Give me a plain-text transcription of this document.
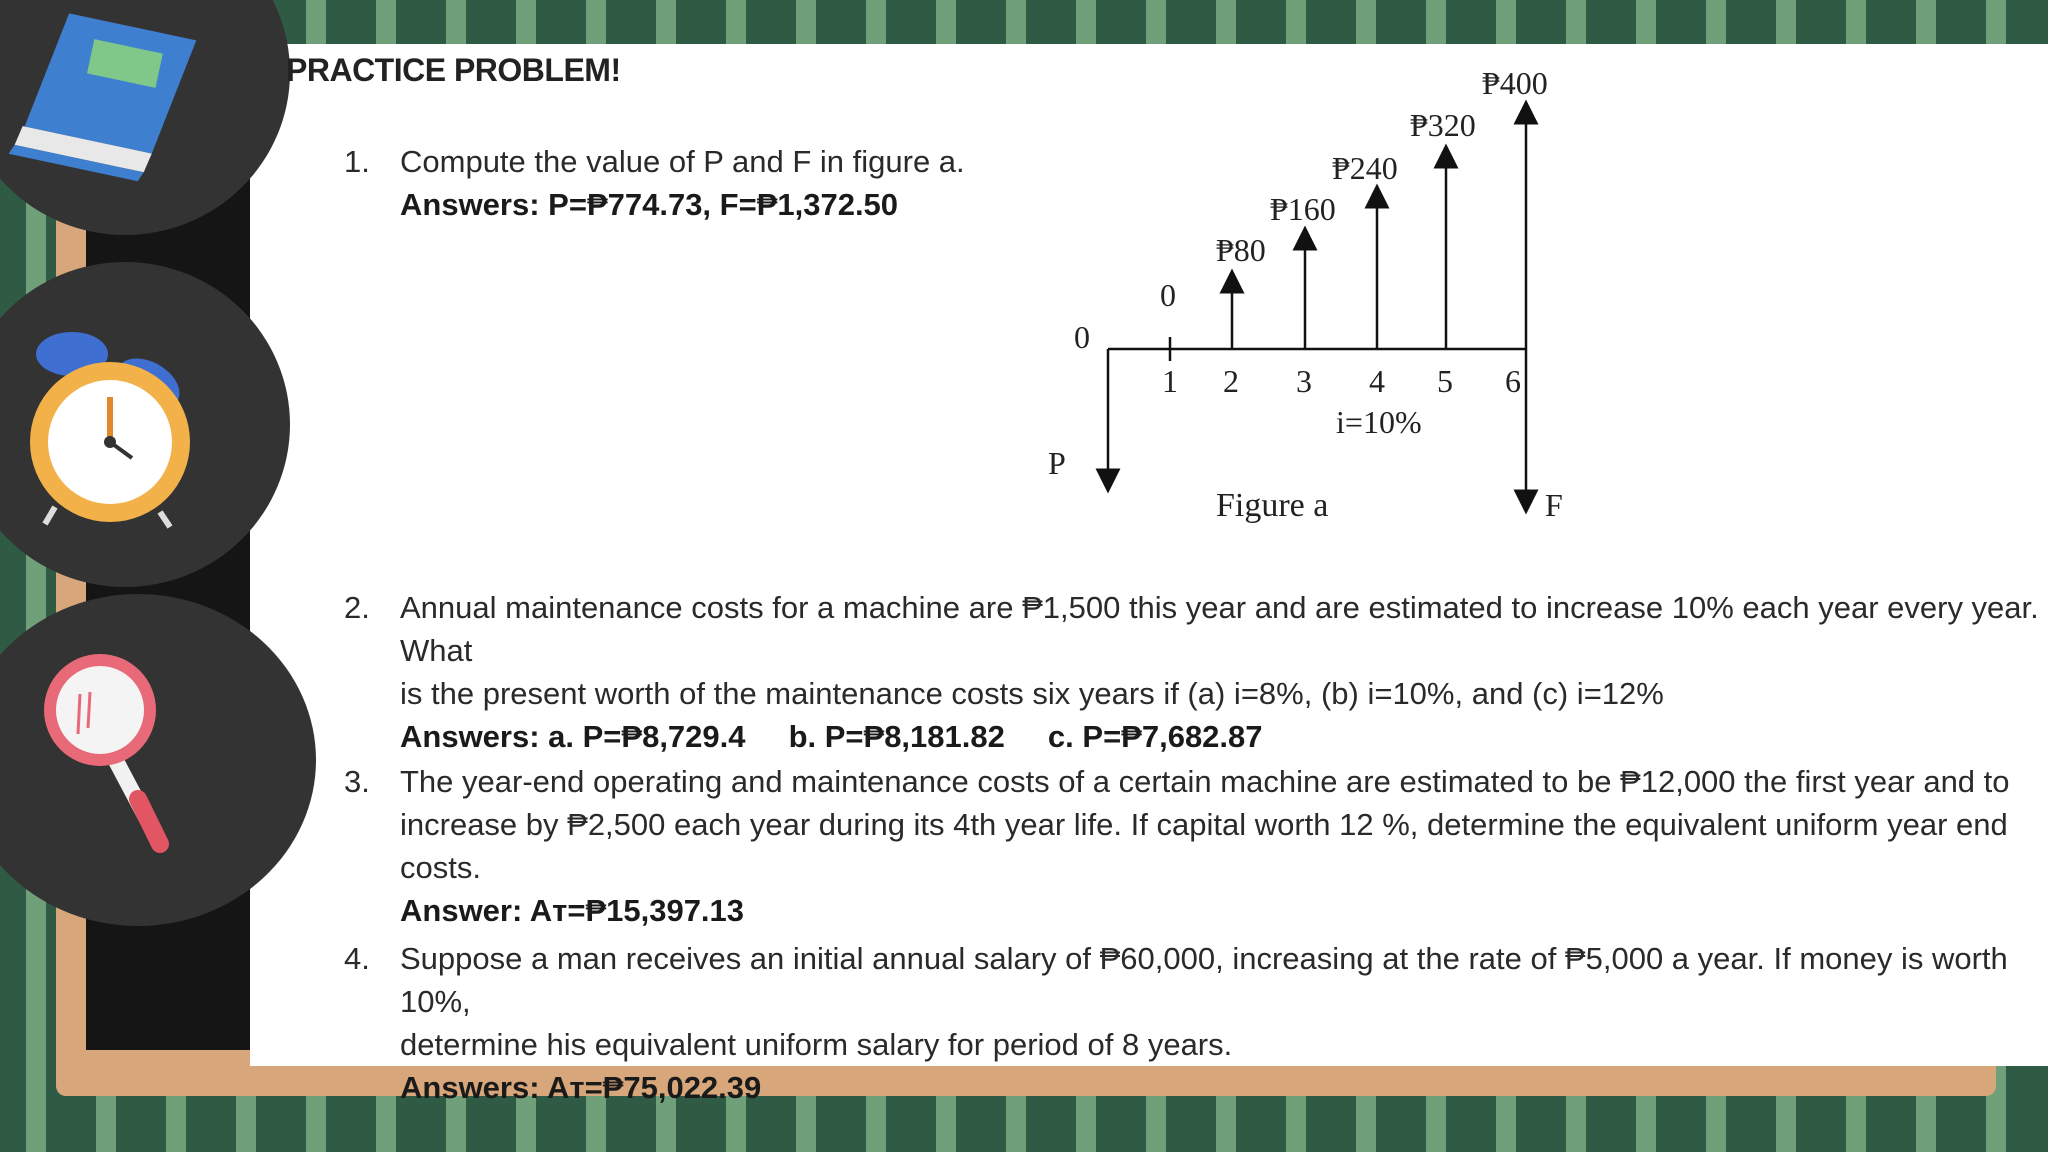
PRACTICE PROBLEM!
1. Compute the value of P and F in figure a.
Answers: P=₱774.73, F=₱1,372.50
0
0
1 2 3 4 5 6
₱80
₱160
₱240
₱320
₱400
i=10%
P
F
Figure a
2. Annual maintenance costs for a machine are ₱1,500 this year and are estimated to increase 10% each year every year. What
is the present worth of the maintenance costs six years if (a) i=8%, (b) i=10%, and (c) i=12%
Answers: a. P=₱8,729.4     b. P=₱8,181.82     c. P=₱7,682.87
3. The year-end operating and maintenance costs of a certain machine are estimated to be ₱12,000 the first year and to
increase by ₱2,500 each year during its 4th year life. If capital worth 12 %, determine the equivalent uniform year end costs.
Answer: Aᴛ=₱15,397.13
4. Suppose a man receives an initial annual salary of ₱60,000, increasing at the rate of ₱5,000 a year. If money is worth 10%,
determine his equivalent uniform salary for period of 8 years.
Answers: Aᴛ=₱75,022.39
